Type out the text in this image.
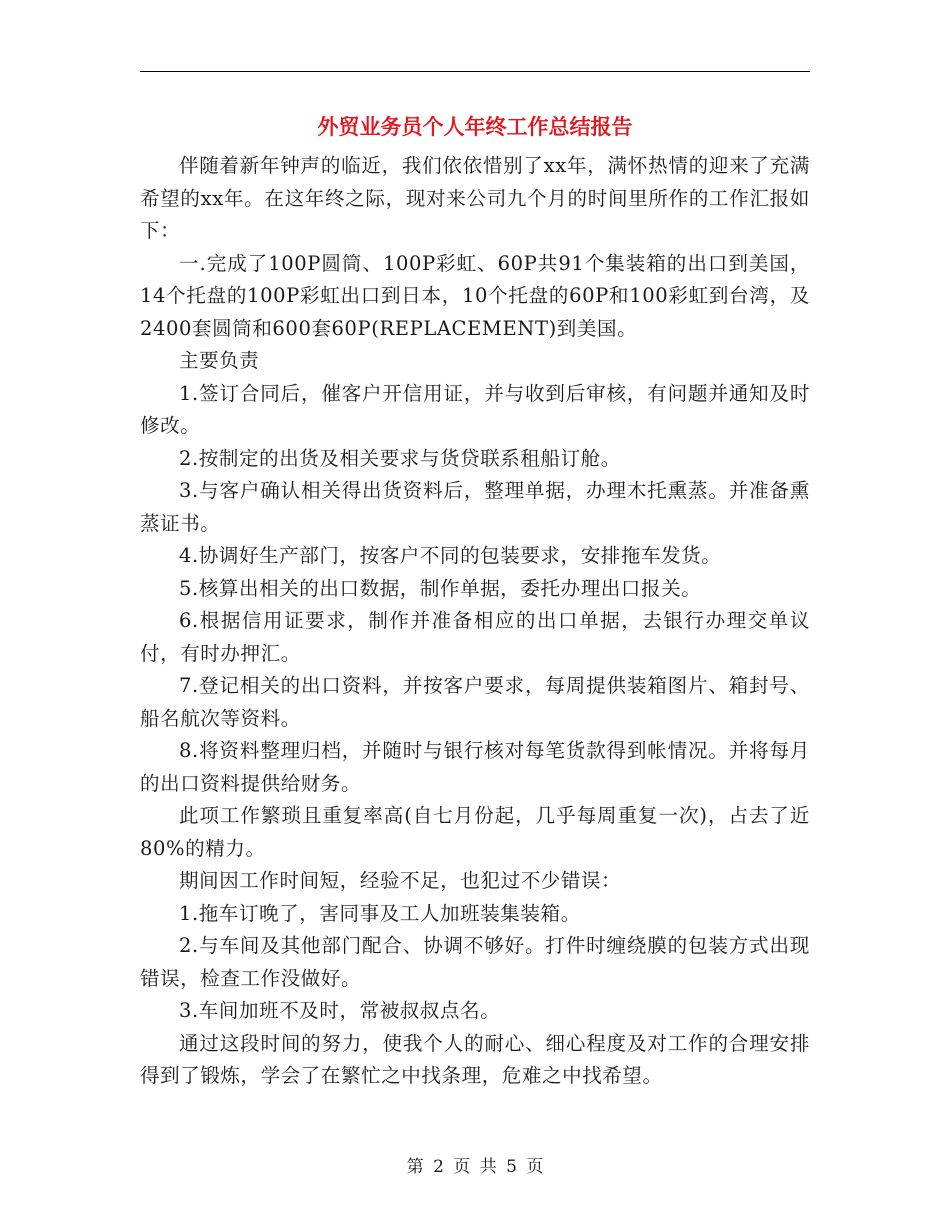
外贸业务员个人年终工作总结报告

伴随着新年钟声的临近，我们依依惜别了xx年，满怀热情的迎来了充满希望的xx年。在这年终之际，现对来公司九个月的时间里所作的工作汇报如下：

一.完成了100P圆筒、100P彩虹、60P共91个集装箱的出口到美国，14个托盘的100P彩虹出口到日本，10个托盘的60P和100彩虹到台湾，及2400套圆筒和600套60P(REPLACEMENT)到美国。

主要负责

1.签订合同后，催客户开信用证，并与收到后审核，有问题并通知及时修改。

2.按制定的出货及相关要求与货贷联系租船订舱。

3.与客户确认相关得出货资料后，整理单据，办理木托熏蒸。并准备熏蒸证书。

4.协调好生产部门，按客户不同的包装要求，安排拖车发货。

5.核算出相关的出口数据，制作单据，委托办理出口报关。

6.根据信用证要求，制作并准备相应的出口单据，去银行办理交单议付，有时办押汇。

7.登记相关的出口资料，并按客户要求，每周提供装箱图片、箱封号、船名航次等资料。

8.将资料整理归档，并随时与银行核对每笔货款得到帐情况。并将每月的出口资料提供给财务。

此项工作繁琐且重复率高(自七月份起，几乎每周重复一次)，占去了近80%的精力。

期间因工作时间短，经验不足，也犯过不少错误：

1.拖车订晚了，害同事及工人加班装集装箱。

2.与车间及其他部门配合、协调不够好。打件时缠绕膜的包装方式出现错误，检查工作没做好。

3.车间加班不及时，常被叔叔点名。

通过这段时间的努力，使我个人的耐心、细心程度及对工作的合理安排得到了锻炼，学会了在繁忙之中找条理，危难之中找希望。

第 2 页 共 5 页
